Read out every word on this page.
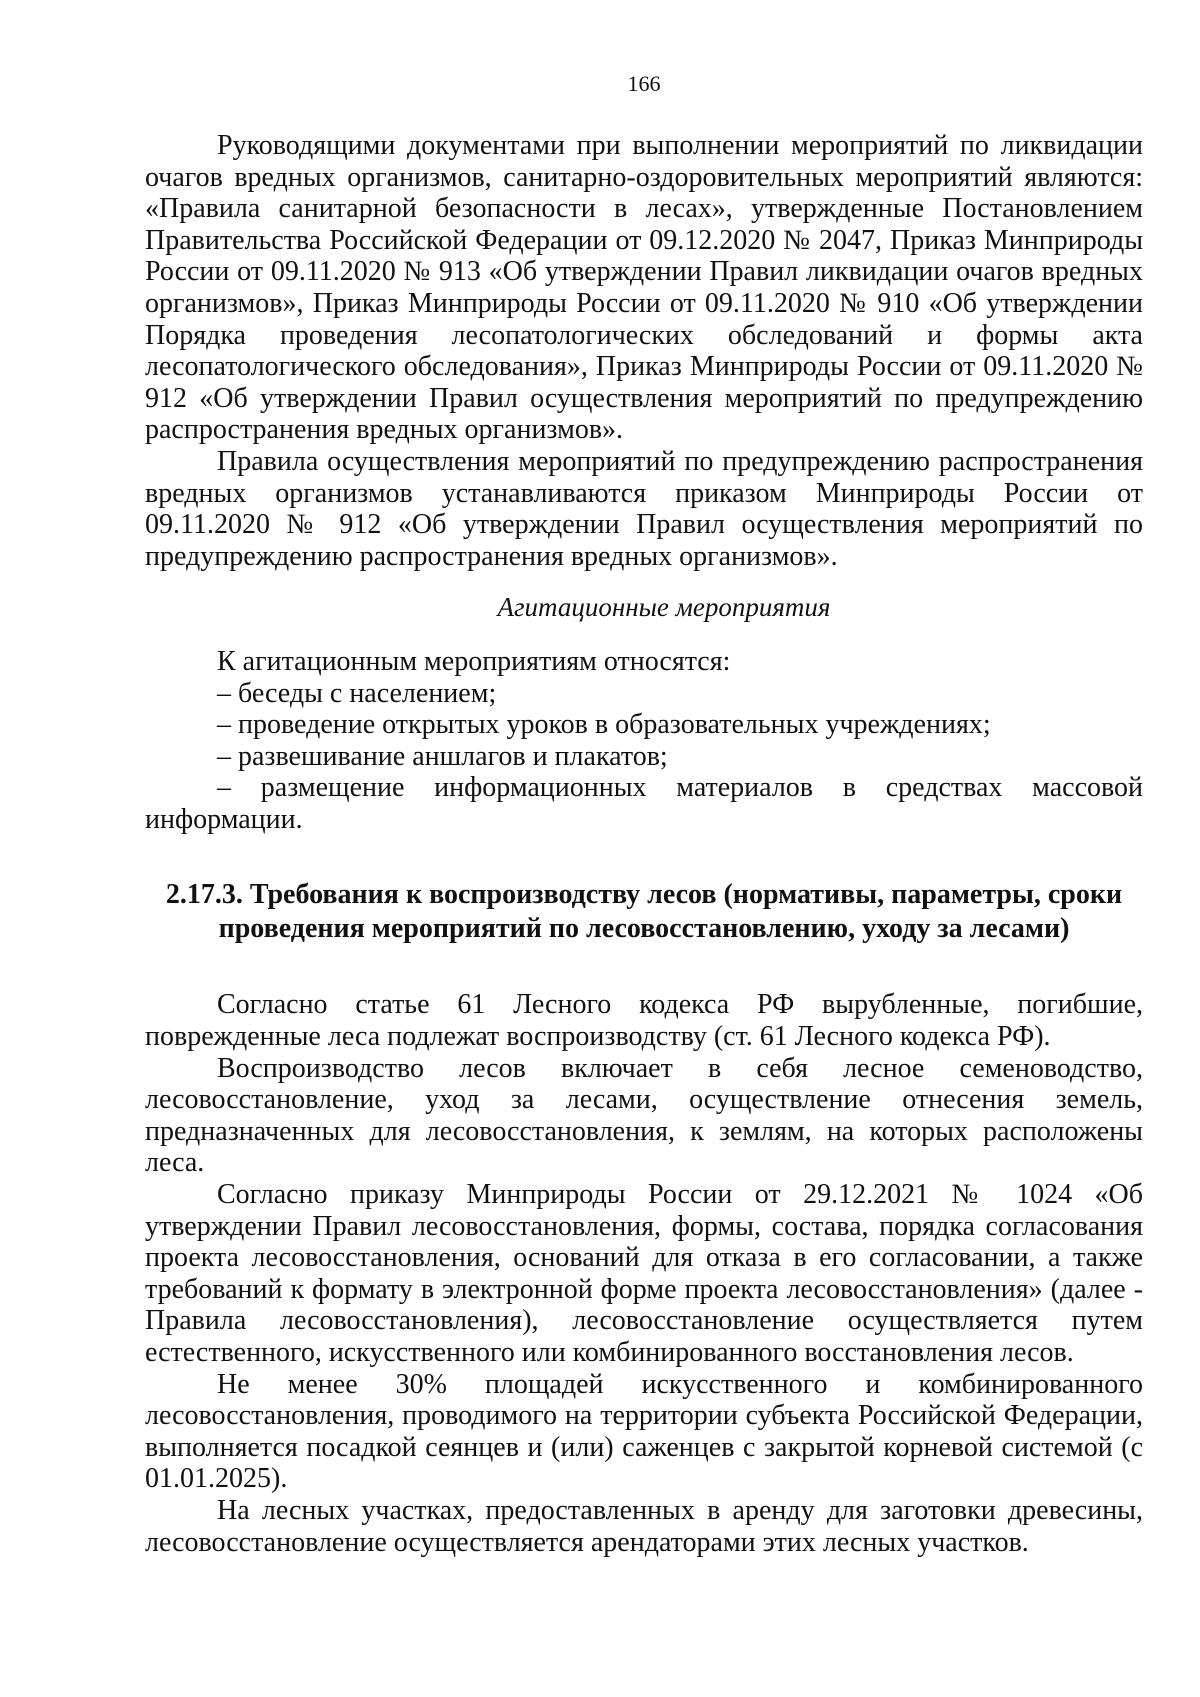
166

Руководящими документами при выполнении мероприятий по ликвидации очагов вредных организмов, санитарно-оздоровительных мероприятий являются: «Правила санитарной безопасности в лесах», утвержденные Постановлением Правительства Российской Федерации от 09.12.2020 № 2047, Приказ Минприроды России от 09.11.2020 № 913 «Об утверждении Правил ликвидации очагов вредных организмов», Приказ Минприроды России от 09.11.2020 № 910 «Об утверждении Порядка проведения лесопатологических обследований и формы акта лесопатологического обследования», Приказ Минприроды России от 09.11.2020 № 912 «Об утверждении Правил осуществления мероприятий по предупреждению распространения вредных организмов».

Правила осуществления мероприятий по предупреждению распространения вредных организмов устанавливаются приказом Минприроды России от 09.11.2020 № 912 «Об утверждении Правил осуществления мероприятий по предупреждению распространения вредных организмов».

Агитационные мероприятия

К агитационным мероприятиям относятся:

– беседы с населением;
– проведение открытых уроков в образовательных учреждениях;
– развешивание аншлагов и плакатов;
– размещение информационных материалов в средствах массовой информации.
2.17.3. Требования к воспроизводству лесов (нормативы, параметры, сроки
проведения мероприятий по лесовосстановлению, уходу за лесами)

Согласно статье 61 Лесного кодекса РФ вырубленные, погибшие, поврежденные леса подлежат воспроизводству (ст. 61 Лесного кодекса РФ).

Воспроизводство лесов включает в себя лесное семеноводство, лесовосстановление, уход за лесами, осуществление отнесения земель, предназначенных для лесовосстановления, к землям, на которых расположены леса.

Согласно приказу Минприроды России от 29.12.2021 № 1024 «Об утверждении Правил лесовосстановления, формы, состава, порядка согласования проекта лесовосстановления, оснований для отказа в его согласовании, а также требований к формату в электронной форме проекта лесовосстановления» (далее - Правила лесовосстановления), лесовосстановление осуществляется путем естественного, искусственного или комбинированного восстановления лесов.

Не менее 30% площадей искусственного и комбинированного лесовосстановления, проводимого на территории субъекта Российской Федерации, выполняется посадкой сеянцев и (или) саженцев с закрытой корневой системой (с 01.01.2025).

На лесных участках, предоставленных в аренду для заготовки древесины, лесовосстановление осуществляется арендаторами этих лесных участков.
